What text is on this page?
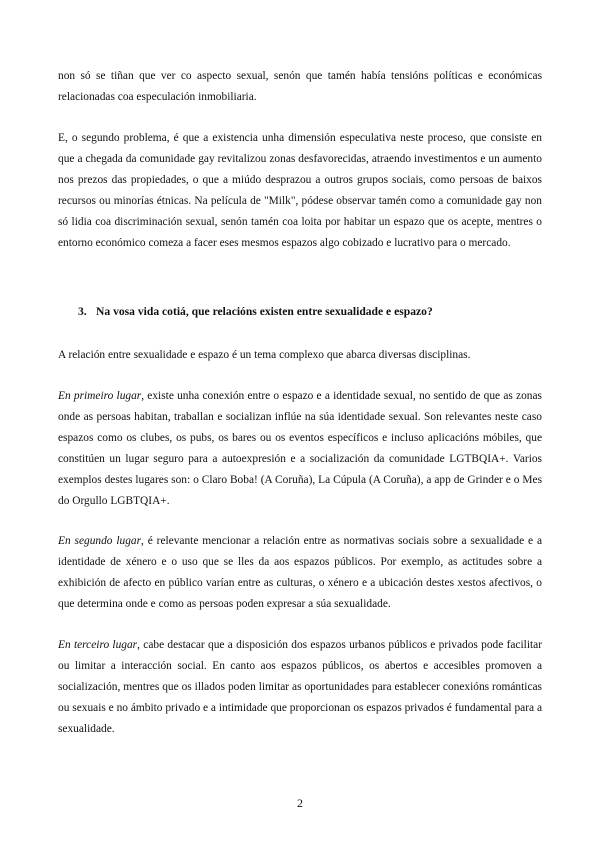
non só se tiñan que ver co aspecto sexual, senón que tamén había tensións políticas e económicas relacionadas coa especulación inmobiliaria.

E, o segundo problema, é que a existencia unha dimensión especulativa neste proceso, que consiste en que a chegada da comunidade gay revitalizou zonas desfavorecidas, atraendo investimentos e un aumento nos prezos das propiedades, o que a miúdo desprazou a outros grupos sociais, como persoas de baixos recursos ou minorías étnicas. Na película de "Milk", pódese observar tamén como a comunidade gay non só lidia coa discriminación sexual, senón tamén coa loita por habitar un espazo que os acepte, mentres o entorno económico comeza a facer eses mesmos espazos algo cobizado e lucrativo para o mercado.

3. Na vosa vida cotiá, que relacións existen entre sexualidade e espazo?

A relación entre sexualidade e espazo é un tema complexo que abarca diversas disciplinas.

En primeiro lugar, existe unha conexión entre o espazo e a identidade sexual, no sentido de que as zonas onde as persoas habitan, traballan e socializan inflúe na súa identidade sexual. Son relevantes neste caso espazos como os clubes, os pubs, os bares ou os eventos específicos e incluso aplicacións móbiles, que constitúen un lugar seguro para a autoexpresión e a socialización da comunidade LGTBQIA+. Varios exemplos destes lugares son: o Claro Boba! (A Coruña), La Cúpula (A Coruña), a app de Grinder e o Mes do Orgullo LGBTQIA+.

En segundo lugar, é relevante mencionar a relación entre as normativas sociais sobre a sexualidade e a identidade de xénero e o uso que se lles da aos espazos públicos. Por exemplo, as actitudes sobre a exhibición de afecto en público varían entre as culturas, o xénero e a ubicación destes xestos afectivos, o que determina onde e como as persoas poden expresar a súa sexualidade.

En terceiro lugar, cabe destacar que a disposición dos espazos urbanos públicos e privados pode facilitar ou limitar a interacción social. En canto aos espazos públicos, os abertos e accesibles promoven a socialización, mentres que os illados poden limitar as oportunidades para establecer conexións románticas ou sexuais e no ámbito privado e a intimidade que proporcionan os espazos privados é fundamental para a sexualidade.

2
